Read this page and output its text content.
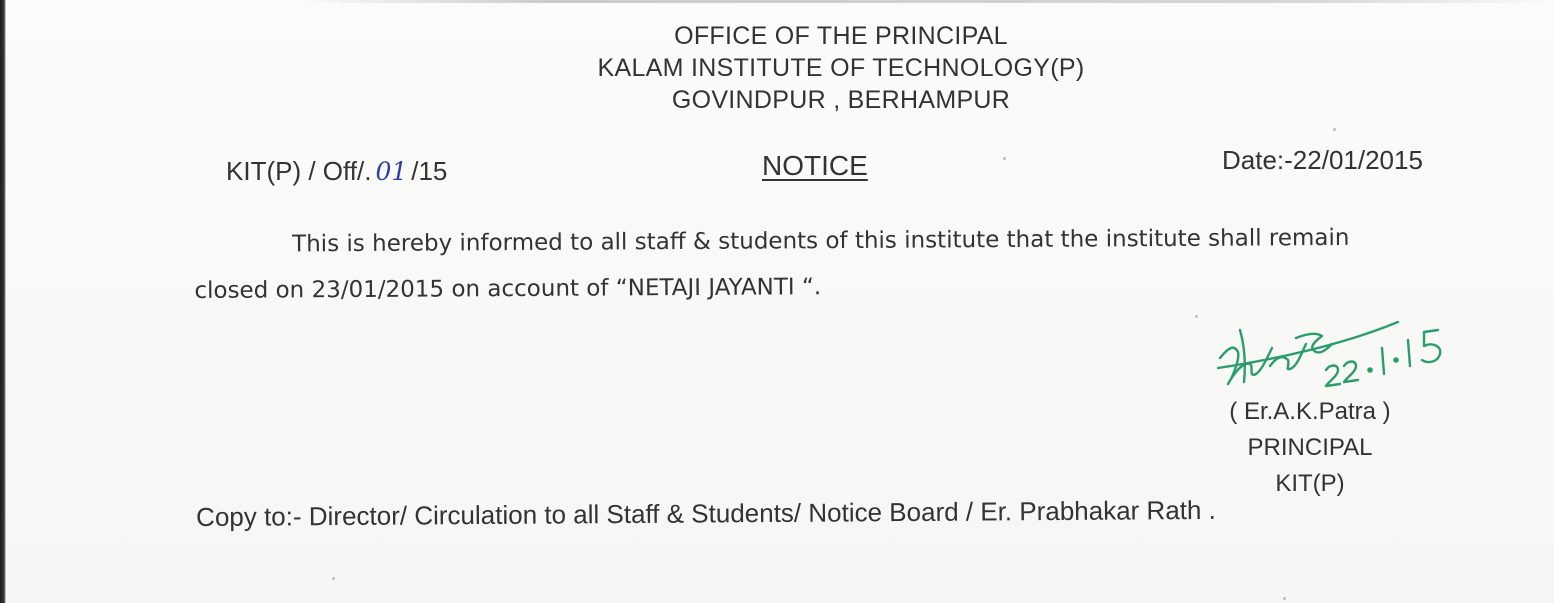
OFFICE OF THE PRINCIPAL
KALAM INSTITUTE OF TECHNOLOGY(P)
GOVINDPUR , BERHAMPUR
KIT(P) / Off/. 01 /15	NOTICE	Date:-22/01/2015
This is hereby informed to all staff & students of this institute that the institute shall remain
closed on 23/01/2015 on account of “NETAJI JAYANTI “.
( Er.A.K.Patra )
PRINCIPAL
KIT(P)
Copy to:- Director/ Circulation to all Staff & Students/ Notice Board / Er. Prabhakar Rath .
